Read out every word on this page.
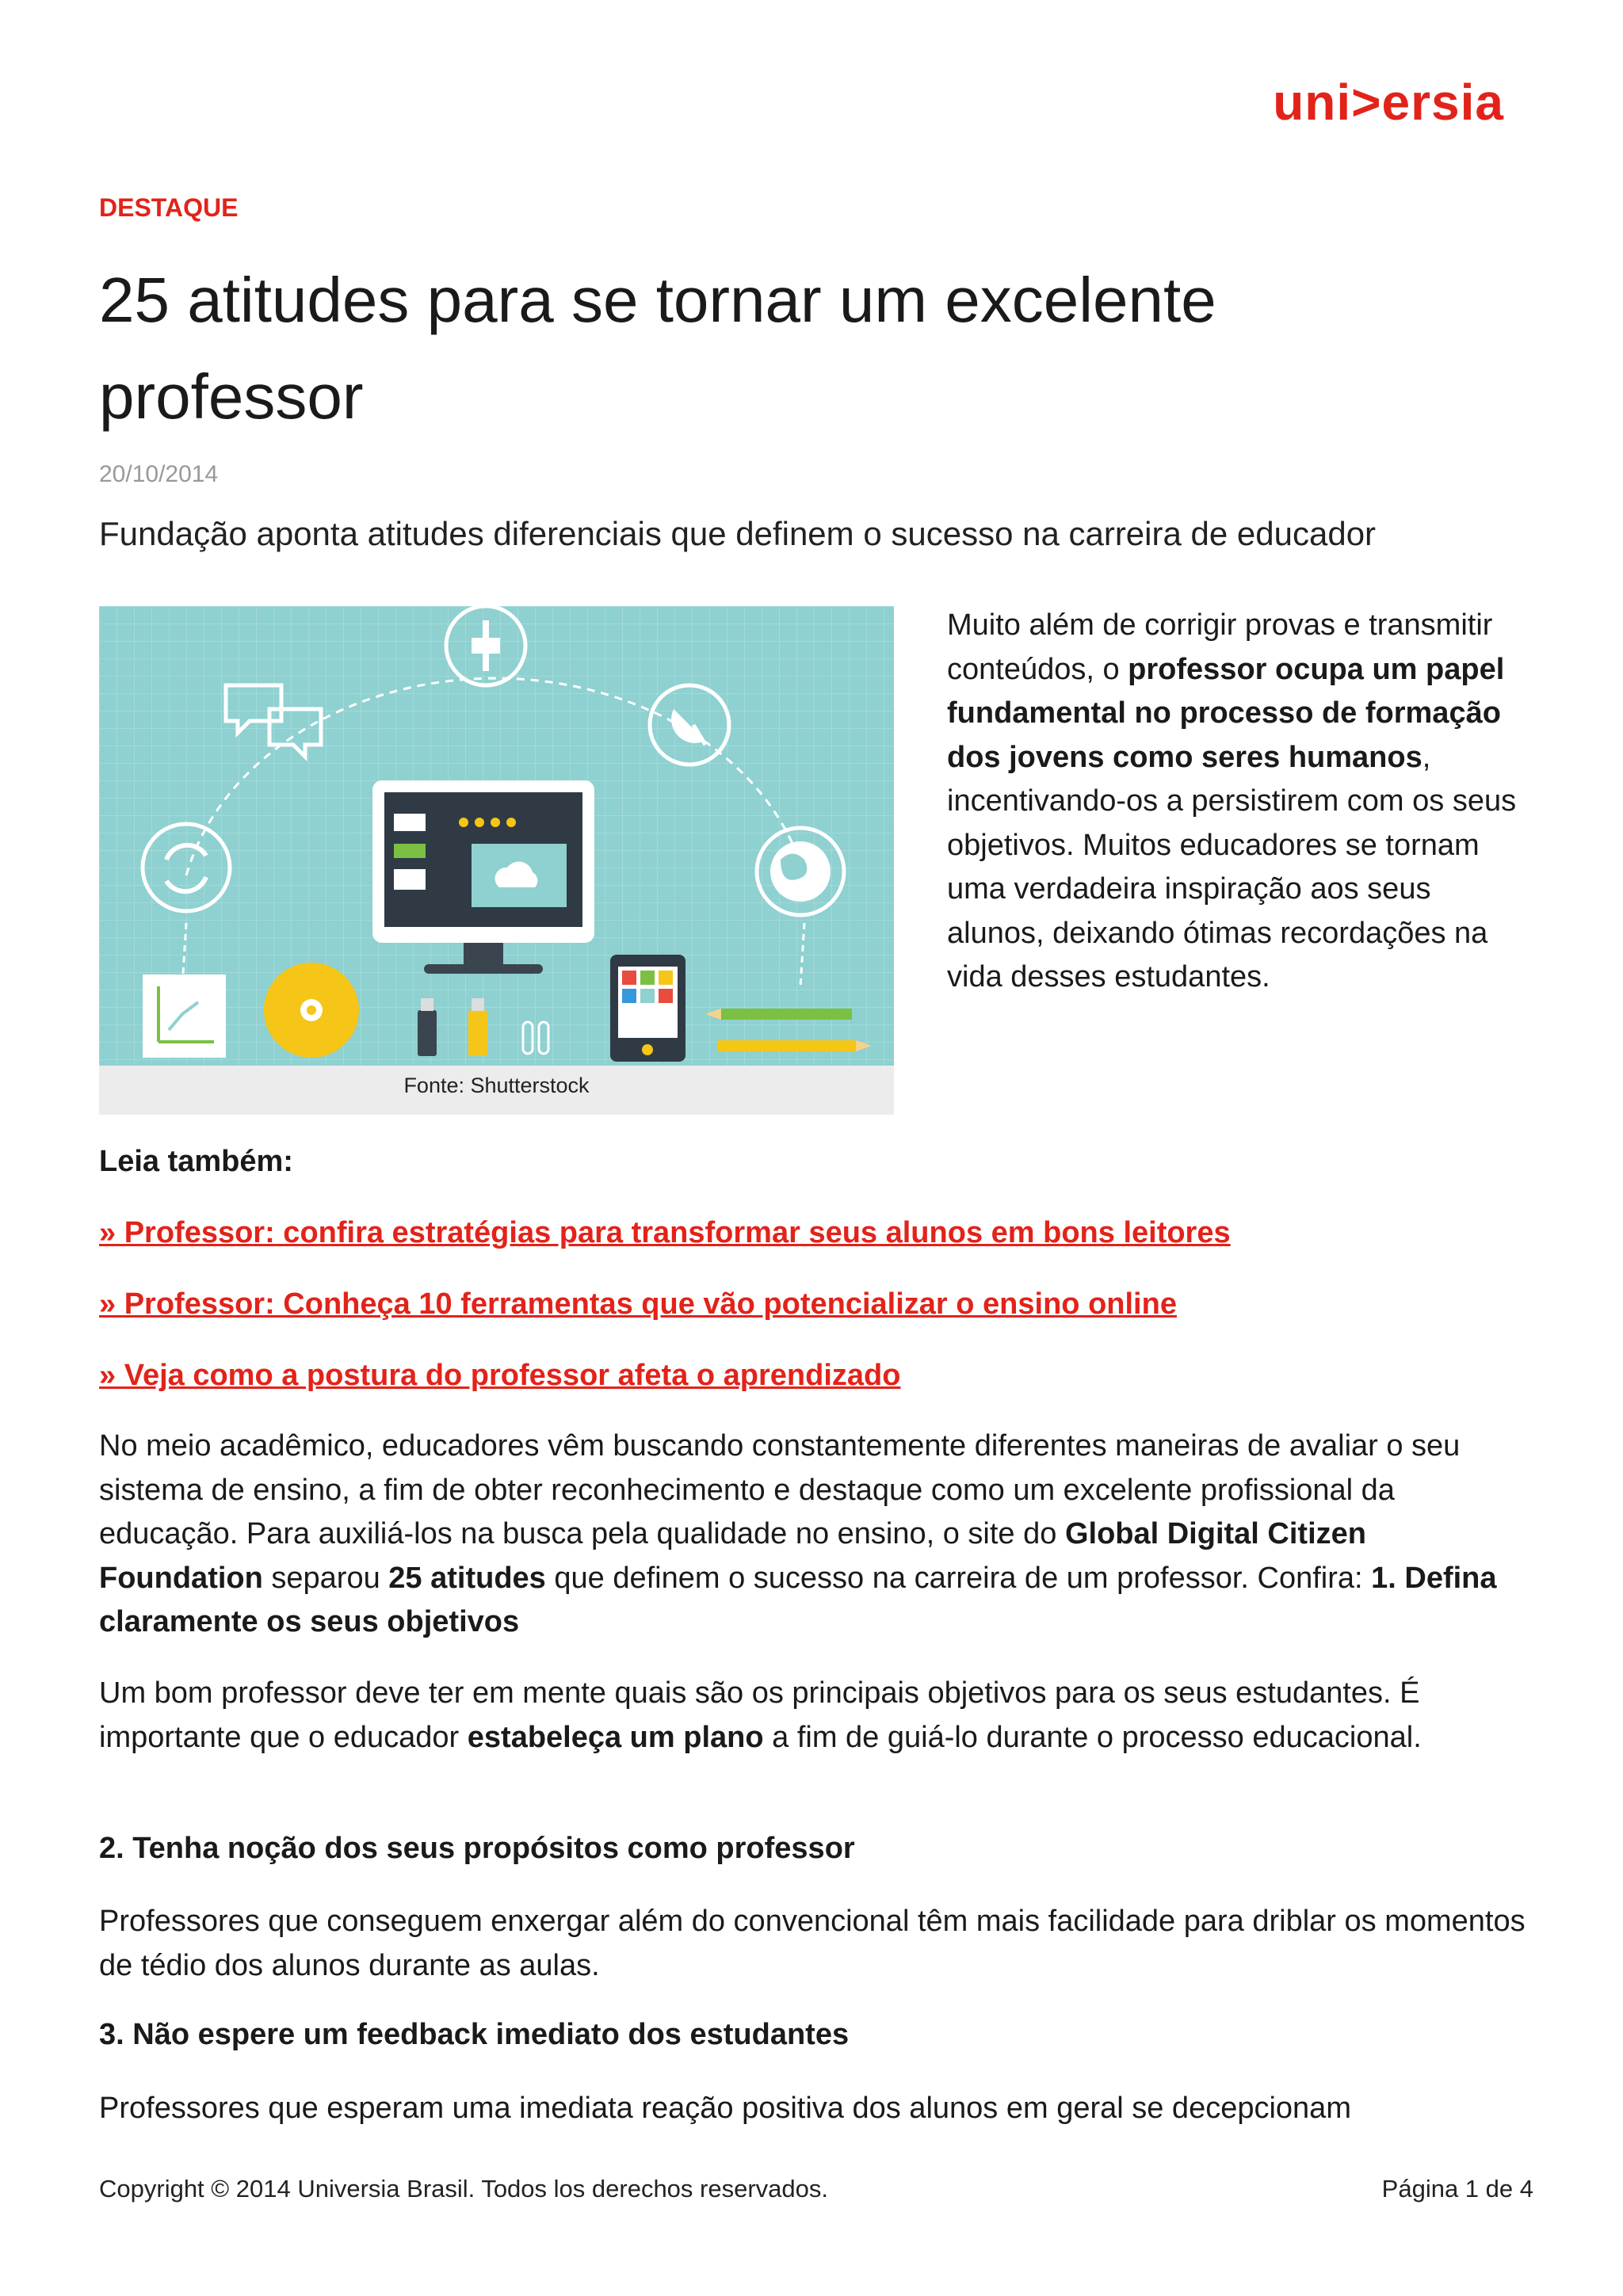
uni>ersia
DESTAQUE
25 atitudes para se tornar um excelente professor
20/10/2014
Fundação aponta atitudes diferenciais que definem o sucesso na carreira de educador
Fonte: Shutterstock

Muito além de corrigir provas e transmitir conteúdos, o professor ocupa um papel fundamental no processo de formação dos jovens como seres humanos, incentivando-os a persistirem com os seus objetivos. Muitos educadores se tornam uma verdadeira inspiração aos seus alunos, deixando ótimas recordações na vida desses estudantes.

Leia também:
» Professor: confira estratégias para transformar seus alunos em bons leitores
» Professor: Conheça 10 ferramentas que vão potencializar o ensino online
» Veja como a postura do professor afeta o aprendizado

No meio acadêmico, educadores vêm buscando constantemente diferentes maneiras de avaliar o seu sistema de ensino, a fim de obter reconhecimento e destaque como um excelente profissional da educação. Para auxiliá-los na busca pela qualidade no ensino, o site do Global Digital Citizen Foundation separou 25 atitudes que definem o sucesso na carreira de um professor. Confira: 1. Defina claramente os seus objetivos

Um bom professor deve ter em mente quais são os principais objetivos para os seus estudantes. É importante que o educador estabeleça um plano a fim de guiá-lo durante o processo educacional.

2. Tenha noção dos seus propósitos como professor

Professores que conseguem enxergar além do convencional têm mais facilidade para driblar os momentos de tédio dos alunos durante as aulas.

3. Não espere um feedback imediato dos estudantes

Professores que esperam uma imediata reação positiva dos alunos em geral se decepcionam

Copyright © 2014 Universia Brasil. Todos los derechos reservados.	Página 1 de 4
